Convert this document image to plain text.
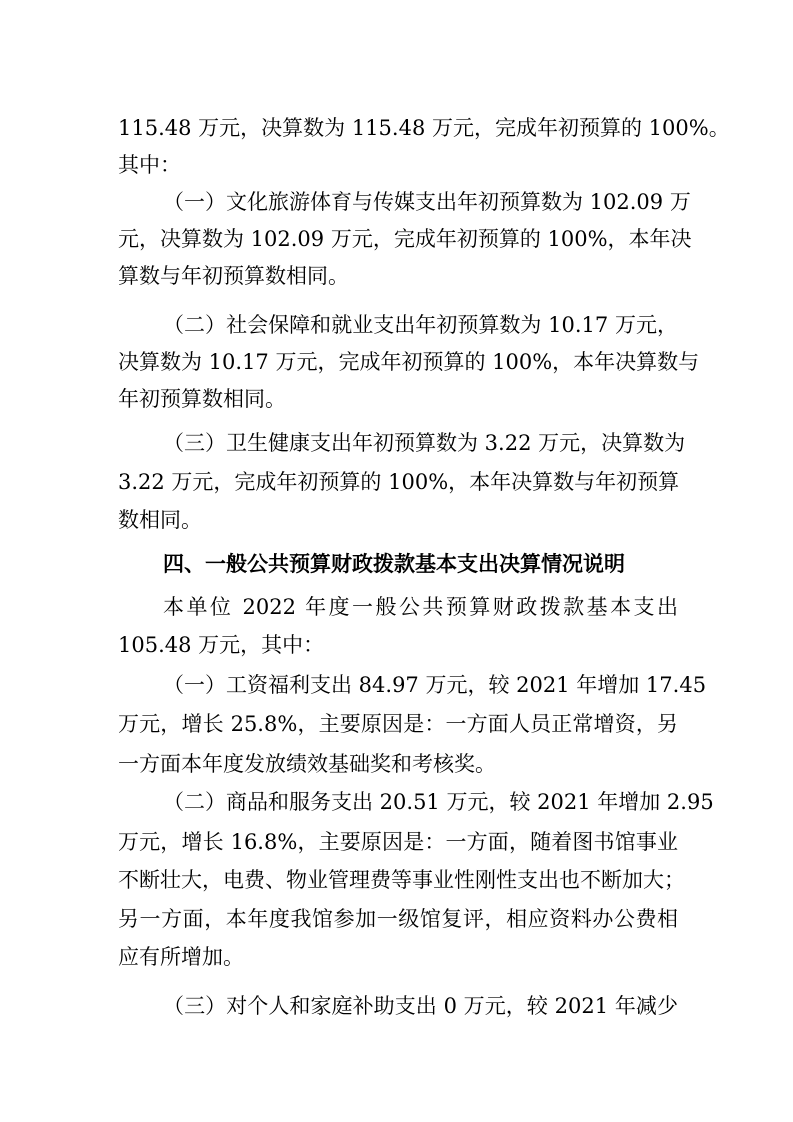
115.48 万元，决算数为 115.48 万元，完成年初预算的 100%。
其中：
（一）文化旅游体育与传媒支出年初预算数为 102.09 万
元，决算数为 102.09 万元，完成年初预算的 100%，本年决
算数与年初预算数相同。
（二）社会保障和就业支出年初预算数为 10.17 万元，
决算数为 10.17 万元，完成年初预算的 100%，本年决算数与
年初预算数相同。
（三）卫生健康支出年初预算数为 3.22 万元，决算数为
3.22 万元，完成年初预算的 100%，本年决算数与年初预算
数相同。
四、一般公共预算财政拨款基本支出决算情况说明
本单位 2022 年度一般公共预算财政拨款基本支出
105.48 万元，其中：
（一）工资福利支出 84.97 万元，较 2021 年增加 17.45
万元，增长 25.8%，主要原因是：一方面人员正常增资，另
一方面本年度发放绩效基础奖和考核奖。
（二）商品和服务支出 20.51 万元，较 2021 年增加 2.95
万元，增长 16.8%，主要原因是：一方面，随着图书馆事业
不断壮大，电费、物业管理费等事业性刚性支出也不断加大；
另一方面，本年度我馆参加一级馆复评，相应资料办公费相
应有所增加。
（三）对个人和家庭补助支出 0 万元，较 2021 年减少
